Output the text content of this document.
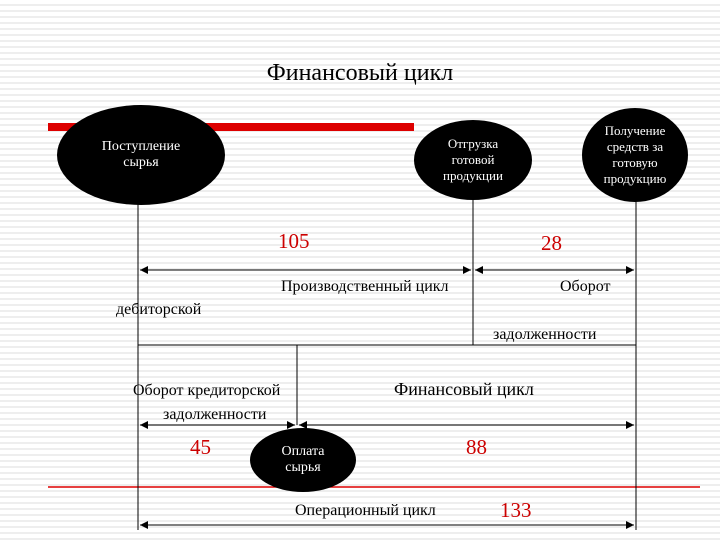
Финансовый цикл
Поступление сырья
Отгрузка готовой продукции
Получение средств за готовую продукцию
Оплата сырья
105	28
45	88
133
Производственный цикл	Оборот
дебиторской
задолженности
Оборот кредиторской
задолженности
Финансовый цикл
Операционный цикл
